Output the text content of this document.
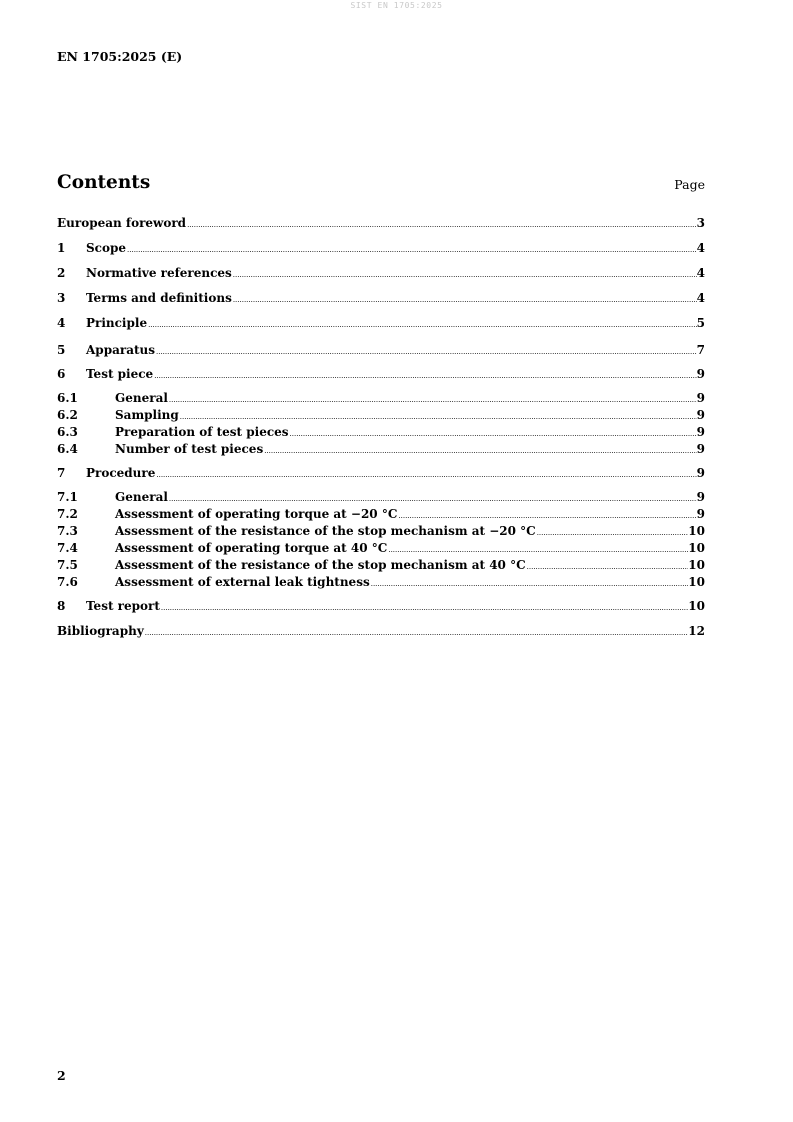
SIST EN 1705:2025
EN 1705:2025 (E)
Contents	Page
European foreword .....	3
1	Scope .....	4
2	Normative references .....	4
3	Terms and definitions .....	4
4	Principle .....	5
5	Apparatus .....	7
6	Test piece .....	9
6.1	General .....	9
6.2	Sampling .....	9
6.3	Preparation of test pieces .....	9
6.4	Number of test pieces .....	9
7	Procedure .....	9
7.1	General .....	9
7.2	Assessment of operating torque at −20 °C .....	9
7.3	Assessment of the resistance of the stop mechanism at −20 °C .....	10
7.4	Assessment of operating torque at 40 °C .....	10
7.5	Assessment of the resistance of the stop mechanism at 40 °C .....	10
7.6	Assessment of external leak tightness .....	10
8	Test report .....	10
Bibliography .....	12
2
